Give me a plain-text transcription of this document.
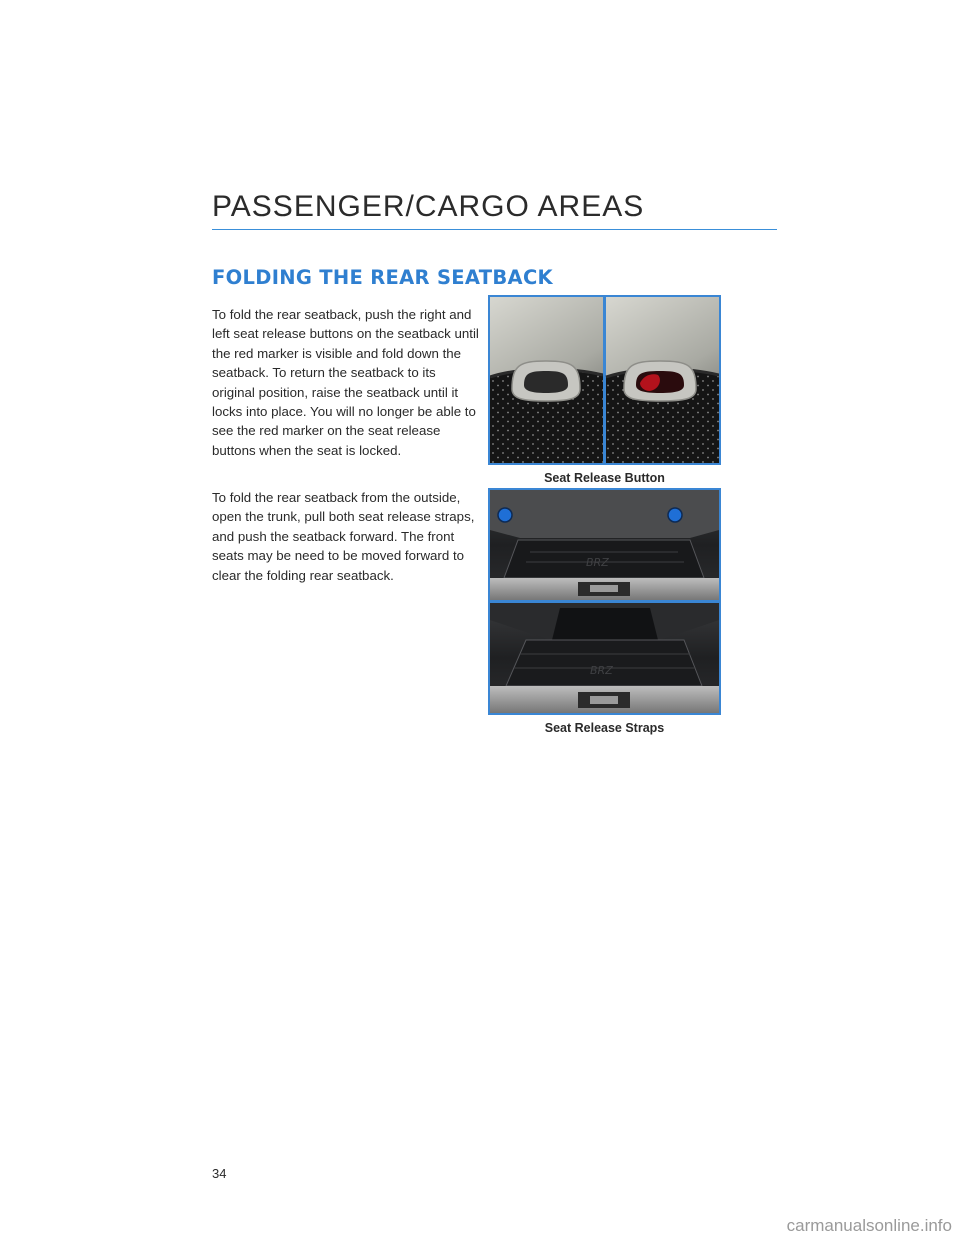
PASSENGER/CARGO AREAS
FOLDING THE REAR SEATBACK

To fold the rear seatback, push the right and left seat release buttons on the seatback until the red marker is visible and fold down the seatback. To return the seatback to its original position, raise the seatback until it locks into place. You will no longer be able to see the red marker on the seat release buttons when the seat is locked.

To fold the rear seatback from the outside, open the trunk, pull both seat release straps, and push the seatback forward. The front seats may be need to be moved forward to clear the folding rear seatback.

Seat Release Button

BRZ
BRZ

Seat Release Straps

34

carmanualsonline.info
